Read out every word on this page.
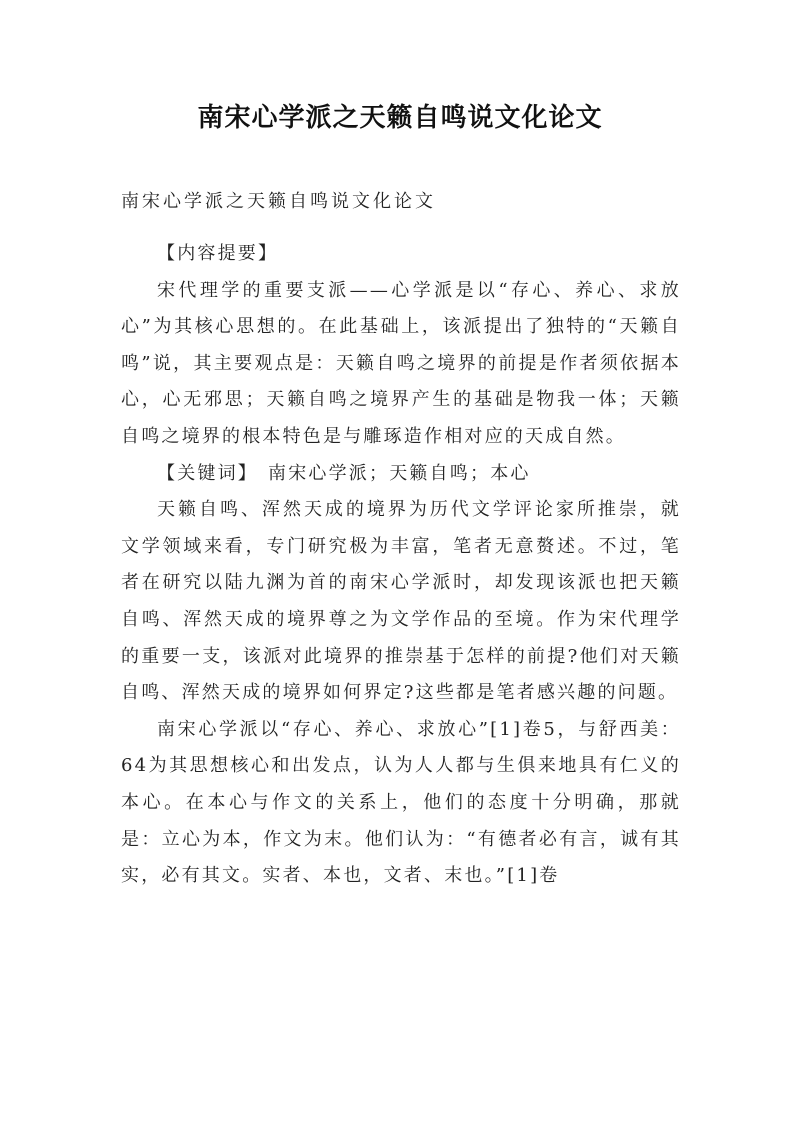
南宋心学派之天籁自鸣说文化论文
南宋心学派之天籁自鸣说文化论文

【内容提要】

宋代理学的重要支派——心学派是以“存心、养心、求放心”为其核心思想的。在此基础上，该派提出了独特的“天籁自鸣”说，其主要观点是：天籁自鸣之境界的前提是作者须依据本心，心无邪思；天籁自鸣之境界产生的基础是物我一体；天籁自鸣之境界的根本特色是与雕琢造作相对应的天成自然。

【关键词】 南宋心学派；天籁自鸣；本心

天籁自鸣、浑然天成的境界为历代文学评论家所推崇，就文学领域来看，专门研究极为丰富，笔者无意赘述。不过，笔者在研究以陆九渊为首的南宋心学派时，却发现该派也把天籁自鸣、浑然天成的境界尊之为文学作品的至境。作为宋代理学的重要一支，该派对此境界的推崇基于怎样的前提?他们对天籁自鸣、浑然天成的境界如何界定?这些都是笔者感兴趣的问题。

南宋心学派以“存心、养心、求放心”[1]卷5，与舒西美：64为其思想核心和出发点，认为人人都与生俱来地具有仁义的本心。在本心与作文的关系上，他们的态度十分明确，那就是：立心为本，作文为末。他们认为：“有德者必有言，诚有其实，必有其文。实者、本也，文者、末也。”[1]卷
